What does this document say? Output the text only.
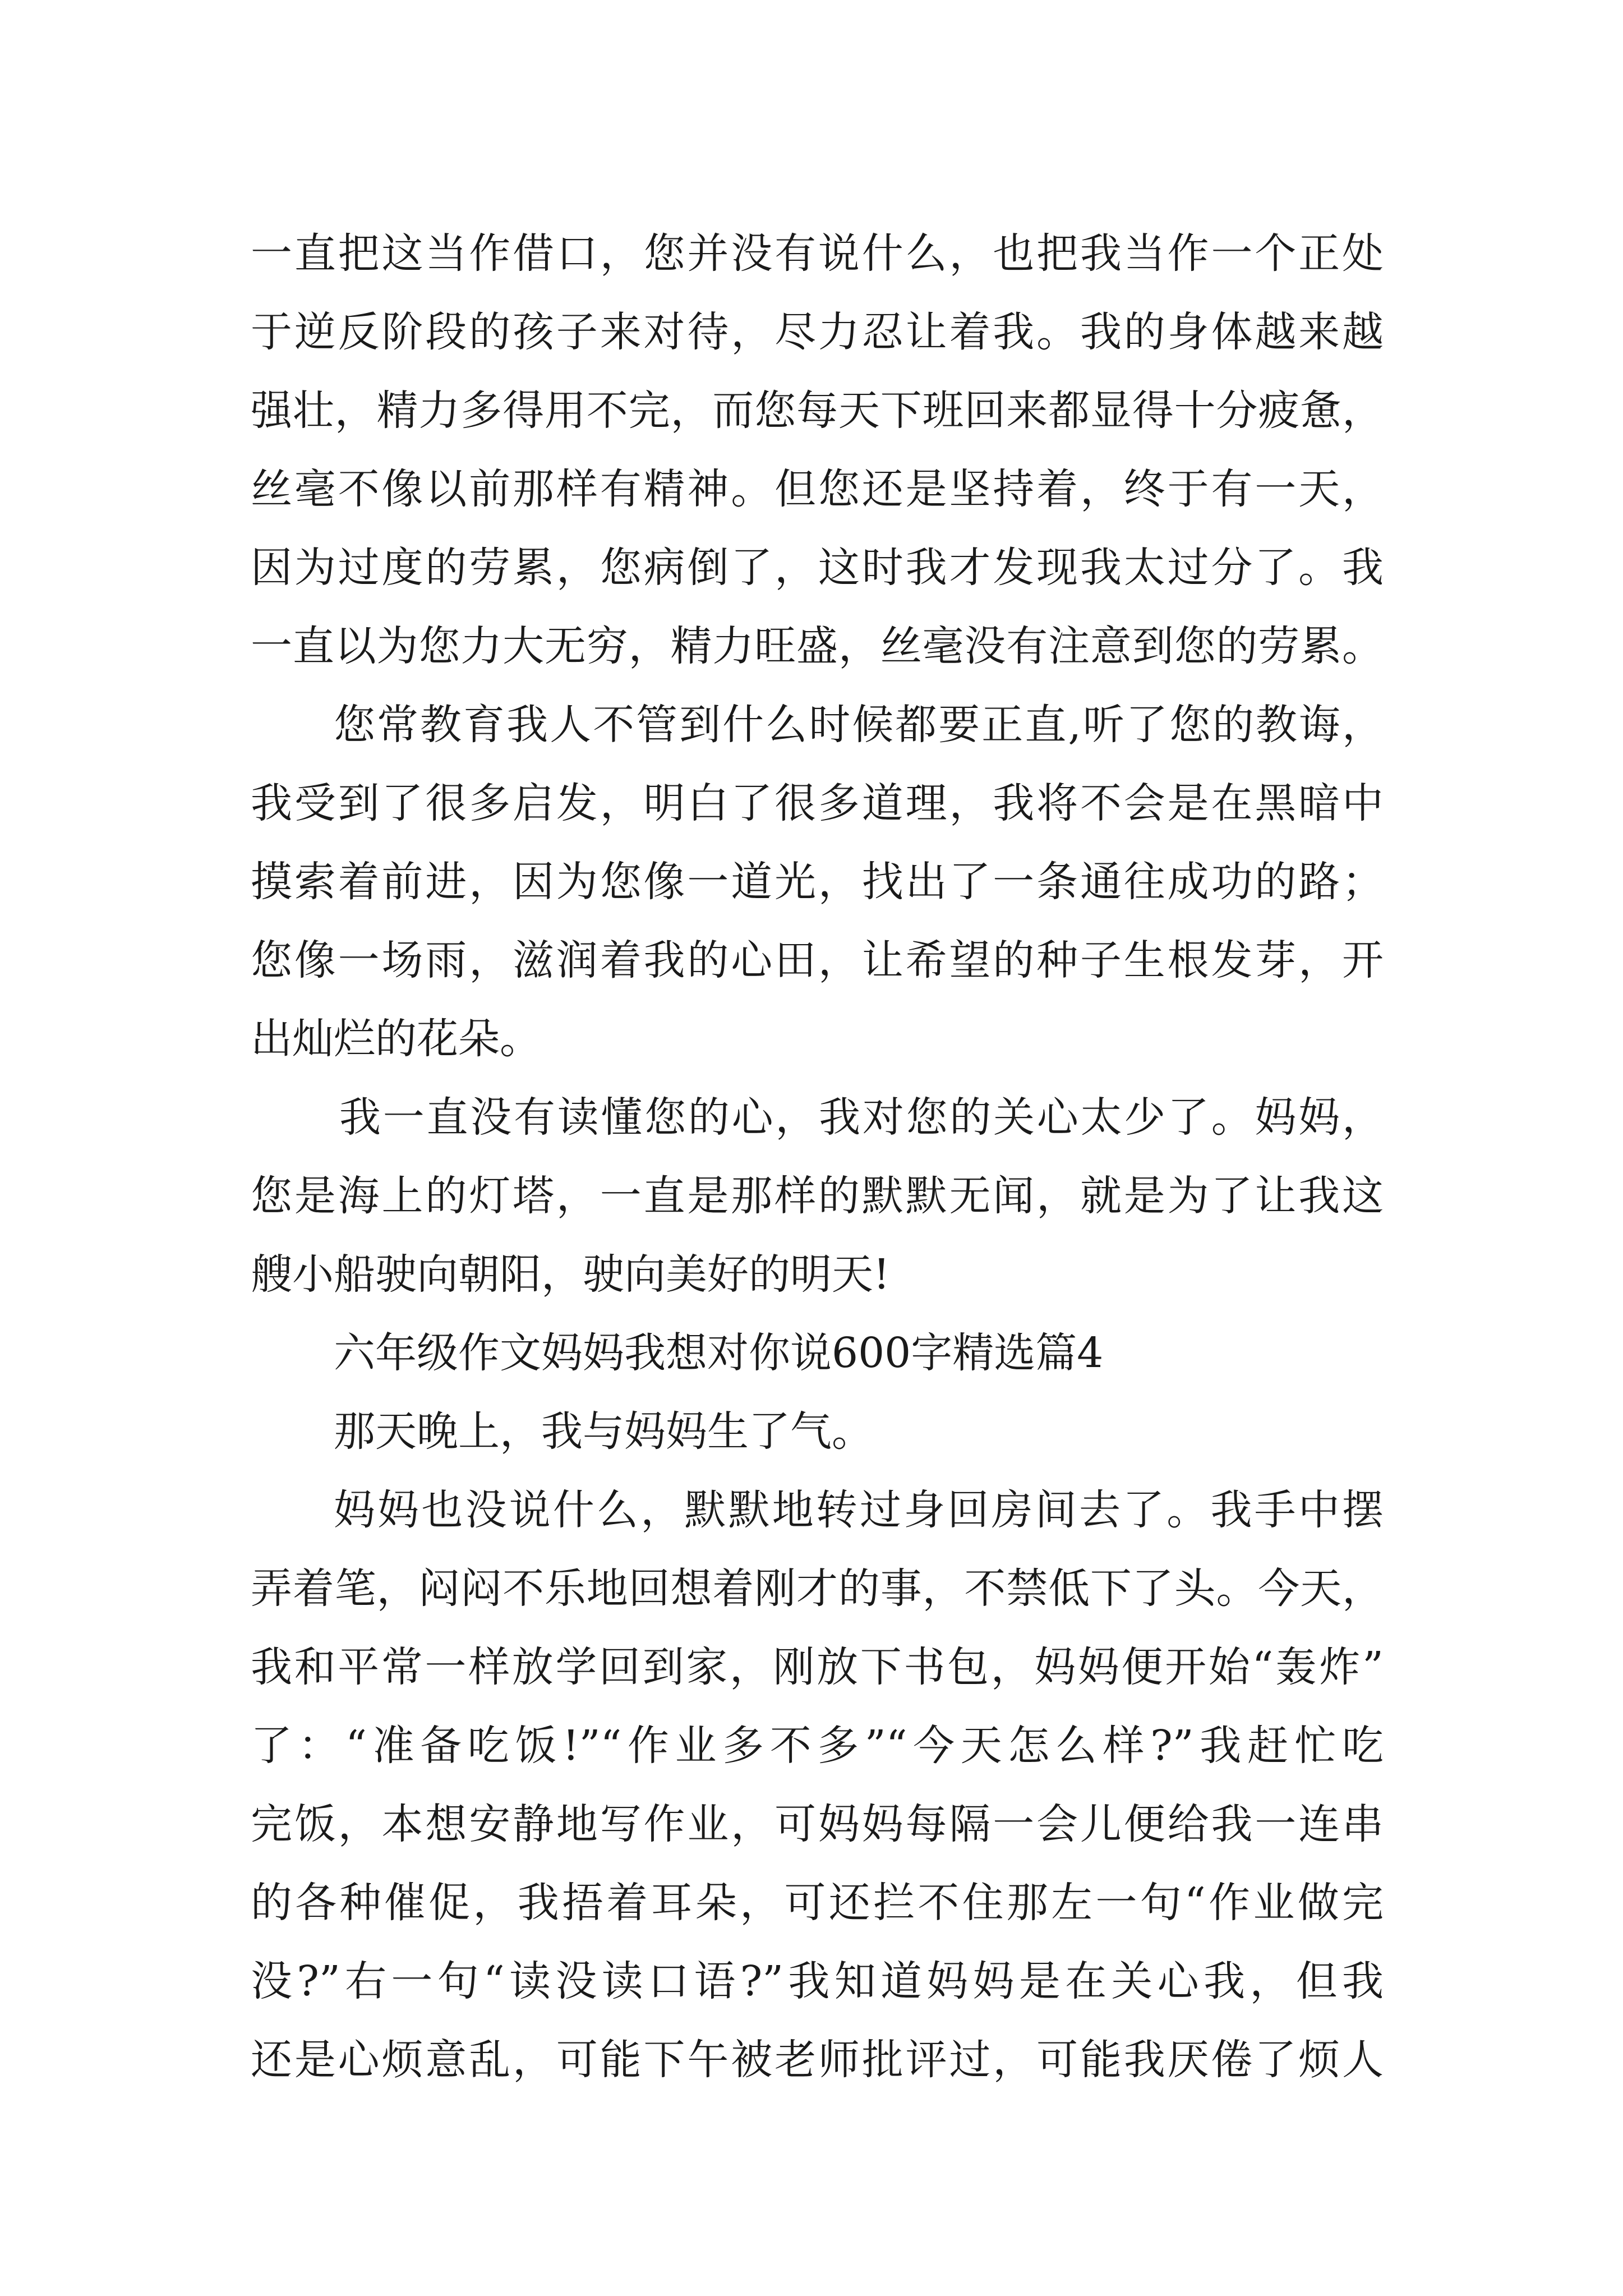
一直把这当作借口，您并没有说什么，也把我当作一个正处
于逆反阶段的孩子来对待，尽力忍让着我。我的身体越来越
强壮，精力多得用不完，而您每天下班回来都显得十分疲惫，
丝毫不像以前那样有精神。但您还是坚持着，终于有一天，
因为过度的劳累，您病倒了，这时我才发现我太过分了。我
一直以为您力大无穷，精力旺盛，丝毫没有注意到您的劳累。
您常教育我人不管到什么时候都要正直,听了您的教诲，
我受到了很多启发，明白了很多道理，我将不会是在黑暗中
摸索着前进，因为您像一道光，找出了一条通往成功的路；
您像一场雨，滋润着我的心田，让希望的种子生根发芽，开
出灿烂的花朵。
我一直没有读懂您的心，我对您的关心太少了。妈妈，
您是海上的灯塔，一直是那样的默默无闻，就是为了让我这
艘小船驶向朝阳，驶向美好的明天!
六年级作文妈妈我想对你说600字精选篇4
那天晚上，我与妈妈生了气。
妈妈也没说什么，默默地转过身回房间去了。我手中摆
弄着笔，闷闷不乐地回想着刚才的事，不禁低下了头。今天，
我和平常一样放学回到家，刚放下书包，妈妈便开始“轰炸”
了：“准备吃饭!”“作业多不多”“今天怎么样?”我赶忙吃
完饭，本想安静地写作业，可妈妈每隔一会儿便给我一连串
的各种催促，我捂着耳朵，可还拦不住那左一句“作业做完
没?”右一句“读没读口语?”我知道妈妈是在关心我，但我
还是心烦意乱，可能下午被老师批评过，可能我厌倦了烦人
